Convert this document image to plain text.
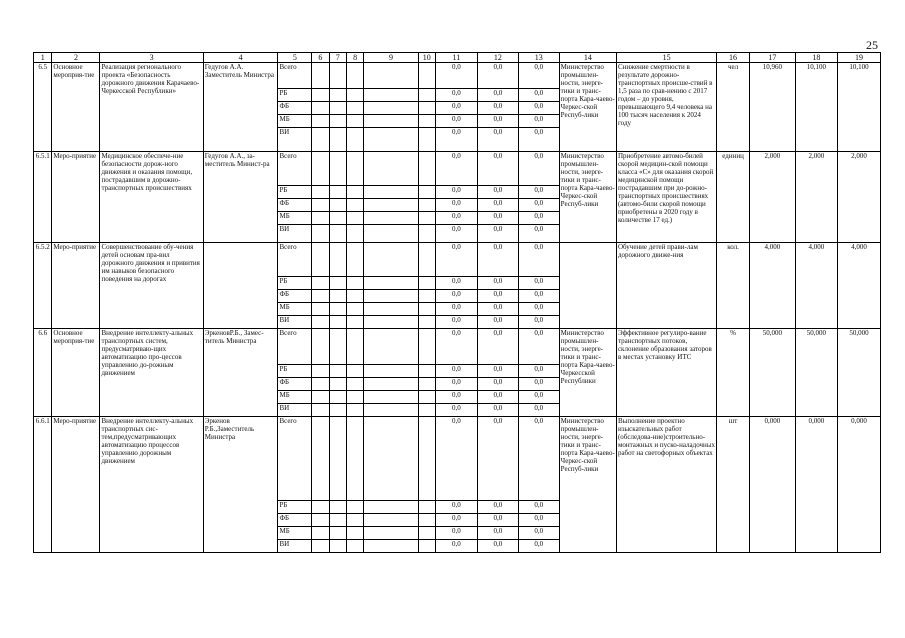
25
1	2	3	4	5	6	7	8	9	10	11	12	13	14	15	16	17	18	19
6.5	Основное мероприя-тие	Реализация регионального проекта «Безопасность дорожного движения Карачаево-Черкесской Республики»	Гедугов А.А. Заместитель Министра	Всего						0,0	0,0	0,0	Министерство промышлен-ности, энерге-тики и транс-порта Кара-чаево-Черкес-ской Респуб-лики	Снижение смертности в результате дорожно-транспортных происше-ствий в 1,5 раза по срав-нению с 2017 годом – до уровня, превышающего 9,4 человека на 100 тысяч населения к 2024 году	чел	10,960	10,100	10,100
				РБ						0,0	0,0	0,0						
				ФБ						0,0	0,0	0,0						
				МБ						0,0	0,0	0,0						
				ВИ						0,0	0,0	0,0						
6.5.1	Меро-приятие	Медицинское обеспече-ние безопасности дорож-ного движения и оказания помощи, пострадавшим в дорожно-транспортных происшествиях	Гедугов А.А., за-меститель Минист-ра	Всего						0,0	0,0	0,0	Министерство промышлен-ности, энерге-тики и транс-порта Кара-чаево-Черкес-ской Респуб-лики	Приобретение автомо-билей скорой медицин-ской помощи класса «С» для оказания скорой медицинской помощи пострадавшим при до-рожно-транспортных происшествиях (автомо-били скорой помощи приобретены в 2020 году в количестве 17 ед.)	единиц	2,000	2,000	2,000
				РБ						0,0	0,0	0,0						
				ФБ						0,0	0,0	0,0						
				МБ						0,0	0,0	0,0						
				ВИ						0,0	0,0	0,0						
6.5.2	Меро-приятие	Совершенствование обу-чения детей основам пра-вил дорожного движения и привития им навыков безопасного поведения на дорогах		Всего						0,0	0,0	0,0		Обучение детей прави-лам дорожного движе-ния	кол.	4,000	4,000	4,000
				РБ						0,0	0,0	0,0						
				ФБ						0,0	0,0	0,0						
				МБ						0,0	0,0	0,0						
				ВИ						0,0	0,0	0,0						
6.6	Основное мероприя-тие	Внедрение интеллекту-альных транспортных систем, предусматриваю-щих автоматизацию про-цессов управлению до-рожным движением	ЭркеновР.Б., Замес-титель Министра	Всего						0,0	0,0	0,0	Министерство промышлен-ности, энерге-тики и транс-порта Кара-чаево-Черкесской Республики	Эффективное регулиро-вание транспортных потоков, склонение образования заторов в местах установку ИТС	%	50,000	50,000	50,000
				РБ						0,0	0,0	0,0						
				ФБ						0,0	0,0	0,0						
				МБ						0,0	0,0	0,0						
				ВИ						0,0	0,0	0,0						
6.6.1	Меро-приятие	Внедрение интеллекту-альных транспортных сис-тем,предусматривающих автоматизацию процессов управлению дорожным движением	Эркенов Р.Б.,Заместитель Министра	Всего						0,0	0,0	0,0	Министерство промышлен-ности, энерге-тики и транс-порта Кара-чаево-Черкес-ской Респуб-лики	Выполнение проектно изыскательных работ (обследова-ние)строительно-монтажных и пуско-наладочных работ на светофорных объектах	шт	0,000	0,000	0,000
				РБ						0,0	0,0	0,0						
				ФБ						0,0	0,0	0,0						
				МБ						0,0	0,0	0,0						
				ВИ						0,0	0,0	0,0						
